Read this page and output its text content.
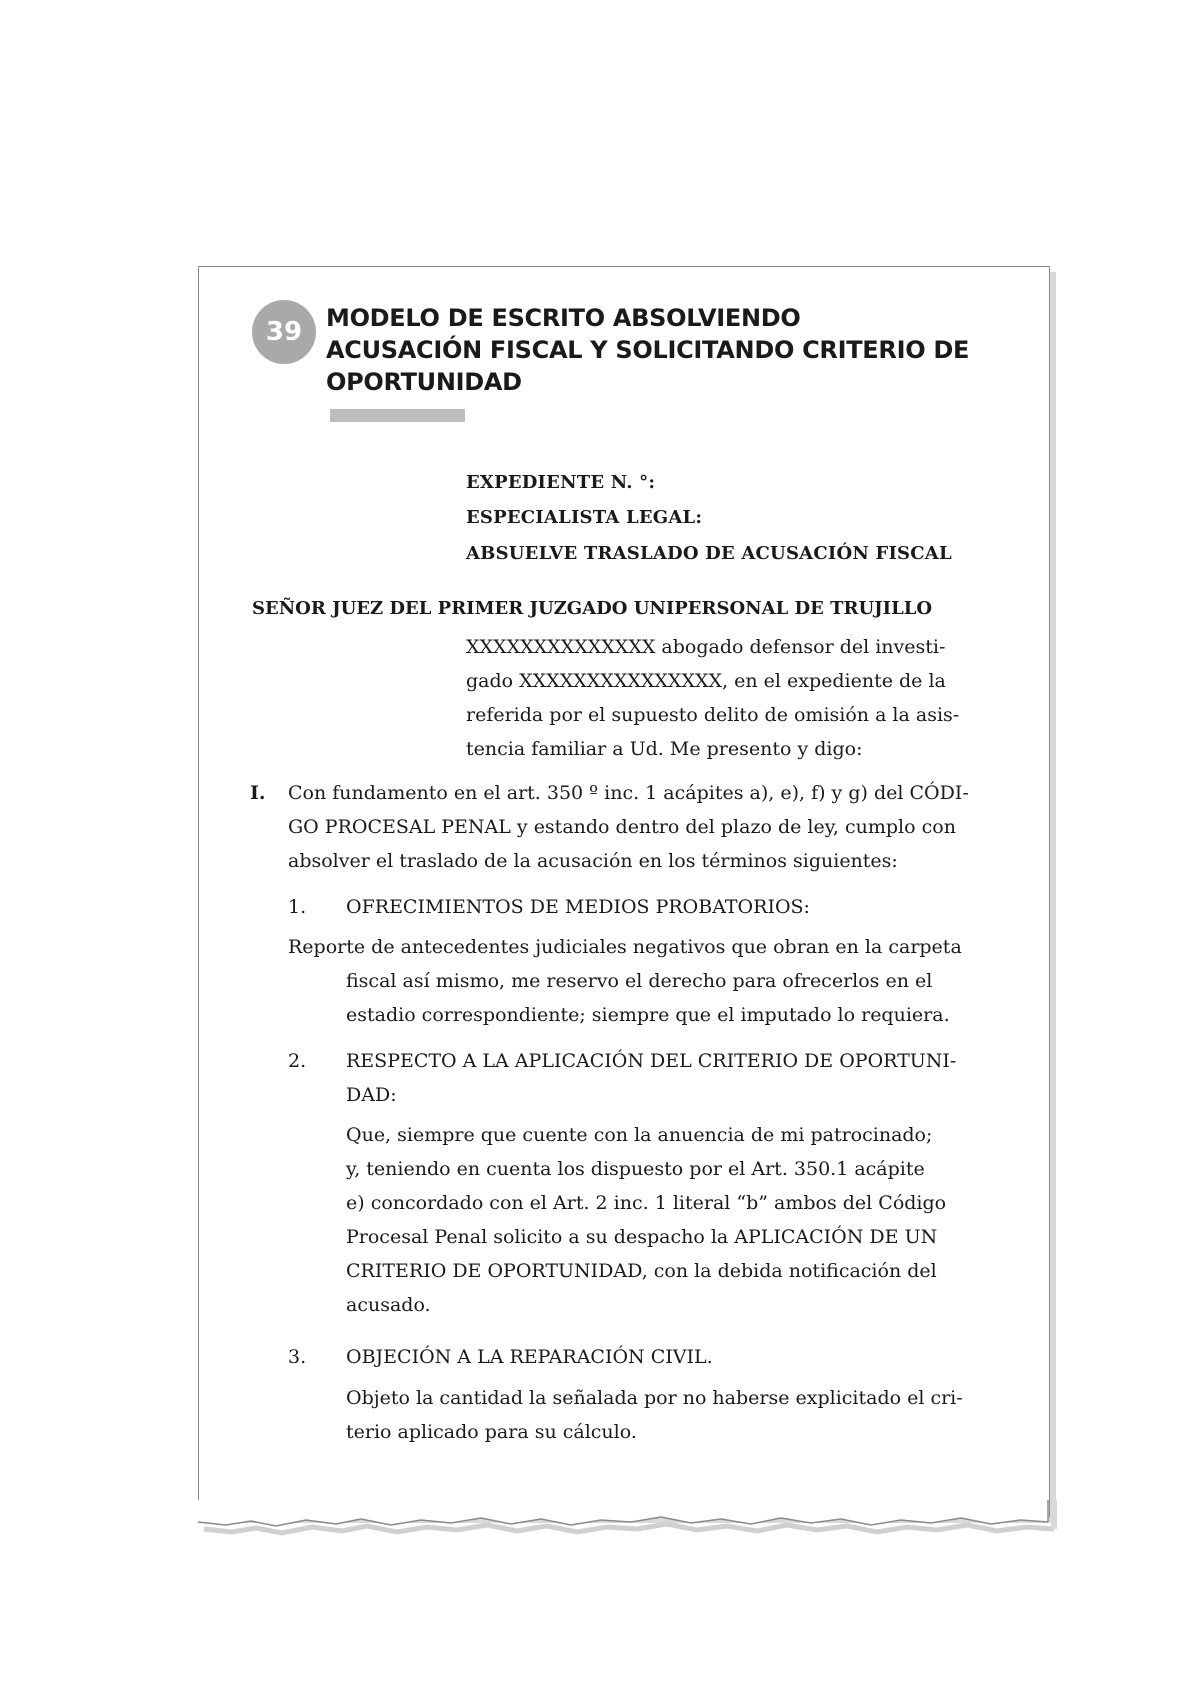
39 MODELO DE ESCRITO ABSOLVIENDO
ACUSACIÓN FISCAL Y SOLICITANDO CRITERIO DE
OPORTUNIDAD
EXPEDIENTE N. °:
ESPECIALISTA LEGAL:
ABSUELVE TRASLADO DE ACUSACIÓN FISCAL
SEÑOR JUEZ DEL PRIMER JUZGADO UNIPERSONAL DE TRUJILLO
XXXXXXXXXXXXXX abogado defensor del investi-
gado XXXXXXXXXXXXXXX, en el expediente de la
referida por el supuesto delito de omisión a la asis-
tencia familiar a Ud. Me presento y digo:
I. Con fundamento en el art. 350 º inc. 1 acápites a), e), f) y g) del CÓDI-
GO PROCESAL PENAL y estando dentro del plazo de ley, cumplo con
absolver el traslado de la acusación en los términos siguientes:
1. OFRECIMIENTOS DE MEDIOS PROBATORIOS:
Reporte de antecedentes judiciales negativos que obran en la carpeta
fiscal así mismo, me reservo el derecho para ofrecerlos en el
estadio correspondiente; siempre que el imputado lo requiera.
2. RESPECTO A LA APLICACIÓN DEL CRITERIO DE OPORTUNI-
DAD:
Que, siempre que cuente con la anuencia de mi patrocinado;
y, teniendo en cuenta los dispuesto por el Art. 350.1 acápite
e) concordado con el Art. 2 inc. 1 literal “b” ambos del Código
Procesal Penal solicito a su despacho la APLICACIÓN DE UN
CRITERIO DE OPORTUNIDAD, con la debida notificación del
acusado.
3. OBJECIÓN A LA REPARACIÓN CIVIL.
Objeto la cantidad la señalada por no haberse explicitado el cri-
terio aplicado para su cálculo.
